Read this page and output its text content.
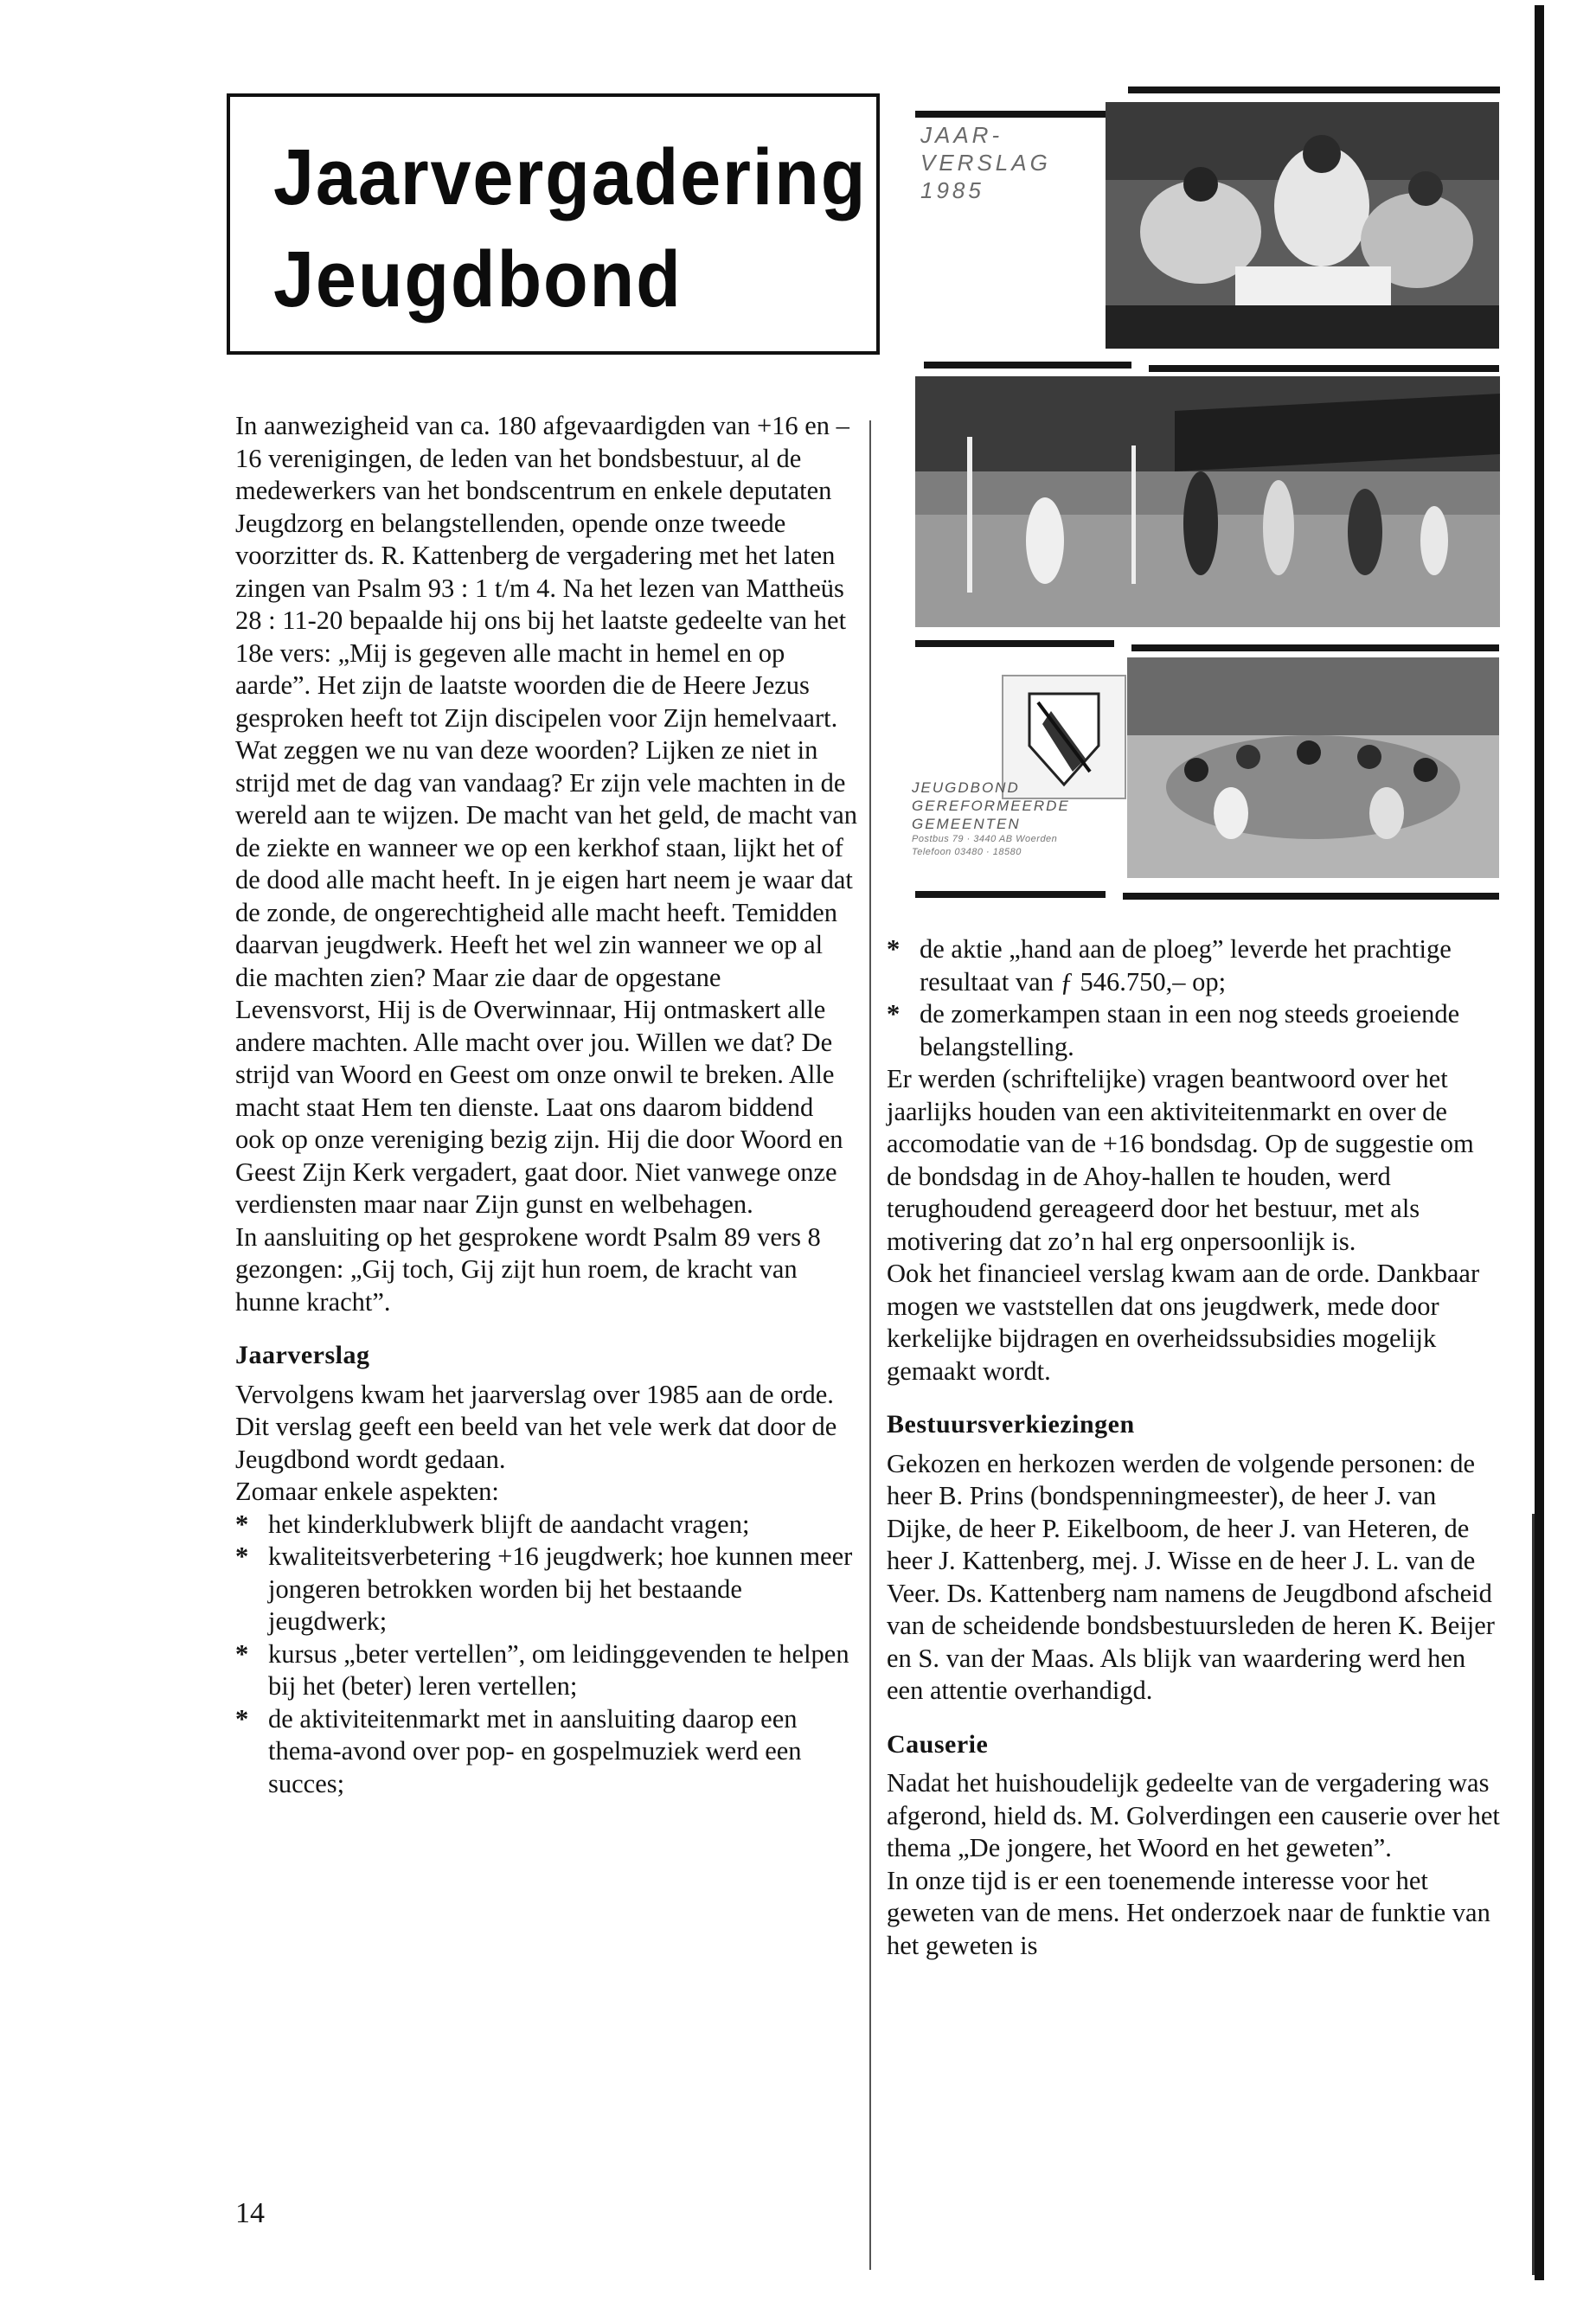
Jaarvergadering
Jeugdbond
JAAR-
VERSLAG
1985
JEUGDBOND
GEREFORMEERDE
GEMEENTEN
Postbus 79 · 3440 AB Woerden
Telefoon 03480 · 18580

In aanwezigheid van ca. 180 afgevaardigden van +16 en –16 verenigingen, de leden van het bondsbestuur, al de medewerkers van het bondscentrum en enkele deputaten Jeugdzorg en belangstellenden, opende onze tweede voorzitter ds. R. Kattenberg de vergadering met het laten zingen van Psalm 93 : 1 t/m 4. Na het lezen van Mattheüs 28 : 11-20 bepaalde hij ons bij het laatste gedeelte van het 18e vers: „Mij is gegeven alle macht in hemel en op aarde”. Het zijn de laatste woorden die de Heere Jezus gesproken heeft tot Zijn discipelen voor Zijn hemelvaart. Wat zeggen we nu van deze woorden? Lijken ze niet in strijd met de dag van vandaag? Er zijn vele machten in de wereld aan te wijzen. De macht van het geld, de macht van de ziekte en wanneer we op een kerkhof staan, lijkt het of de dood alle macht heeft. In je eigen hart neem je waar dat de zonde, de ongerechtigheid alle macht heeft. Temidden daarvan jeugdwerk. Heeft het wel zin wanneer we op al die machten zien? Maar zie daar de opgestane Levensvorst, Hij is de Overwinnaar, Hij ontmaskert alle andere machten. Alle macht over jou. Willen we dat? De strijd van Woord en Geest om onze onwil te breken. Alle macht staat Hem ten dienste. Laat ons daarom biddend ook op onze vereniging bezig zijn. Hij die door Woord en Geest Zijn Kerk vergadert, gaat door. Niet vanwege onze verdiensten maar naar Zijn gunst en welbehagen.

In aansluiting op het gesprokene wordt Psalm 89 vers 8 gezongen: „Gij toch, Gij zijt hun roem, de kracht van hunne kracht”.

Jaarverslag

Vervolgens kwam het jaarverslag over 1985 aan de orde. Dit verslag geeft een beeld van het vele werk dat door de Jeugdbond wordt gedaan.

Zomaar enkele aspekten:

* het kinderklubwerk blijft de aandacht vragen;
* kwaliteitsverbetering +16 jeugdwerk; hoe kunnen meer jongeren betrokken worden bij het bestaande jeugdwerk;
* kursus „beter vertellen”, om leidinggevenden te helpen bij het (beter) leren vertellen;
* de aktiviteitenmarkt met in aansluiting daarop een thema-avond over pop- en gospelmuziek werd een succes;
* de aktie „hand aan de ploeg” leverde het prachtige resultaat van ƒ 546.750,– op;
* de zomerkampen staan in een nog steeds groeiende belangstelling.

Er werden (schriftelijke) vragen beantwoord over het jaarlijks houden van een aktiviteitenmarkt en over de accomodatie van de +16 bondsdag. Op de suggestie om de bondsdag in de Ahoy-hallen te houden, werd terughoudend gereageerd door het bestuur, met als motivering dat zo’n hal erg onpersoonlijk is.

Ook het financieel verslag kwam aan de orde. Dankbaar mogen we vaststellen dat ons jeugdwerk, mede door kerkelijke bijdragen en overheidssubsidies mogelijk gemaakt wordt.

Bestuursverkiezingen

Gekozen en herkozen werden de volgende personen: de heer B. Prins (bondspenningmeester), de heer J. van Dijke, de heer P. Eikelboom, de heer J. van Heteren, de heer J. Kattenberg, mej. J. Wisse en de heer J. L. van de Veer. Ds. Kattenberg nam namens de Jeugdbond afscheid van de scheidende bondsbestuursleden de heren K. Beijer en S. van der Maas. Als blijk van waardering werd hen een attentie overhandigd.

Causerie

Nadat het huishoudelijk gedeelte van de vergadering was afgerond, hield ds. M. Golverdingen een causerie over het thema „De jongere, het Woord en het geweten”.

In onze tijd is er een toenemende interesse voor het geweten van de mens. Het onderzoek naar de funktie van het geweten is

14
